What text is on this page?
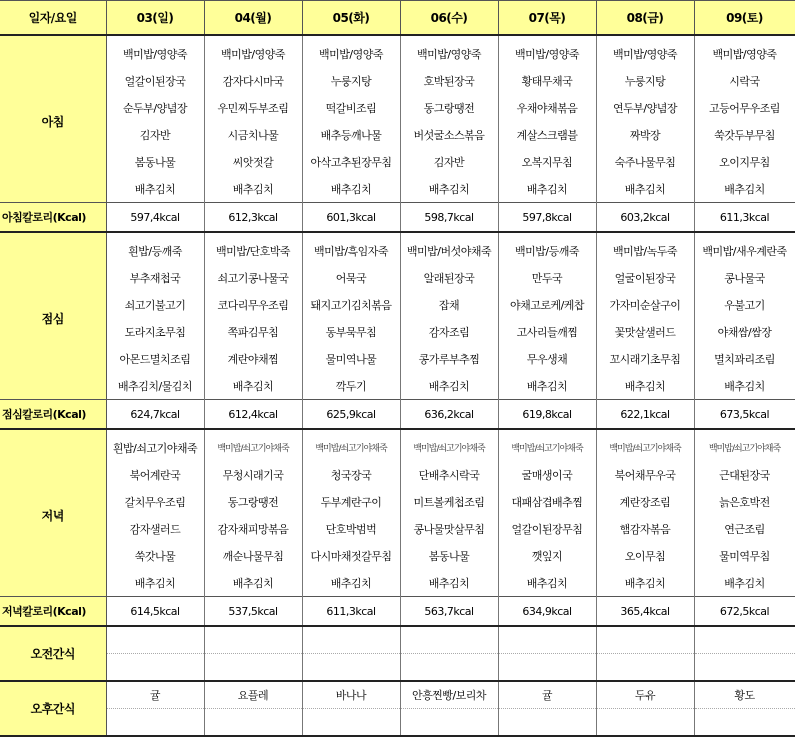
일자/요일	03(일)	04(월)	05(화)	06(수)	07(목)	08(금)	09(토)
아침	백미밥/영양죽	백미밥/영양죽	백미밥/영양죽	백미밥/영양죽	백미밥/영양죽	백미밥/영양죽	백미밥/영양죽
	얼갈이된장국	감자다시마국	누룽지탕	호박된장국	황태무채국	누룽지탕	시락국
	순두부/양념장	우민찌두부조림	떡갈비조림	동그랑땡전	우채야채볶음	연두부/양념장	고등어무우조림
	김자반	시금치나물	배추등깨나물	버섯굴소스볶음	계살스크램블	짜박장	쑥갓두부무침
	봄동나물	씨앗젓갈	아삭고추된장무침	김자반	오복지무침	숙주나물무침	오이지무침
	배추김치	배추김치	배추김치	배추김치	배추김치	배추김치	배추김치
아침칼로리(Kcal)	597,4kcal	612,3kcal	601,3kcal	598,7kcal	597,8kcal	603,2kcal	611,3kcal
점심	흰밥/등깨죽	백미밥/단호박죽	백미밥/흑임자죽	백미밥/버섯야채죽	백미밥/등깨죽	백미밥/녹두죽	백미밥/새우계란죽
	부추재첩국	쇠고기콩나물국	어묵국	알래된장국	만두국	얼굴이된장국	콩나물국
	쇠고기불고기	코다리무우조림	돼지고기김치볶음	잡채	야채고로케/케찹	가자미순살구이	우불고기
	도라지초무침	쪽파김무침	동부묵무침	감자조림	고사리들깨찜	꽃맛살샐러드	야채쌈/쌈장
	아몬드멸치조림	계란야채찜	물미역나물	콩가루부추찜	무우생채	꼬시래기초무침	멸치꽈리조림
	배추김치/물김치	배추김치	깍두기	배추김치	배추김치	배추김치	배추김치
점심칼로리(Kcal)	624,7kcal	612,4kcal	625,9kcal	636,2kcal	619,8kcal	622,1kcal	673,5kcal
저녁	흰밥/쇠고기야채죽	백미밥/쇠고기야채죽	백미밥/쇠고기야채죽	백미밥/쇠고기야채죽	백미밥/쇠고기야채죽	백미밥/쇠고기야채죽	백미밥/쇠고기야채죽
	북어계란국	무청시래기국	청국장국	단배추시락국	굴매생이국	북어채무우국	근대된장국
	갈치무우조림	동그랑땡전	두부계란구이	미트볼케첩조림	대패삼겹배추찜	계란장조림	늙은호박전
	감자샐러드	감자채피망볶음	단호박범벅	콩나물맛살무침	얼갈이된장무침	햄감자볶음	연근조림
	쑥갓나물	깨순나물무침	다시마채젓갈무침	봄동나물	깻잎지	오이무침	물미역무침
	배추김치	배추김치	배추김치	배추김치	배추김치	배추김치	배추김치
저녁칼로리(Kcal)	614,5kcal	537,5kcal	611,3kcal	563,7kcal	634,9kcal	365,4kcal	672,5kcal
오전간식							

오후간식	귤	요플레	바나나	안흥찐빵/보리차	귤	두유	황도
